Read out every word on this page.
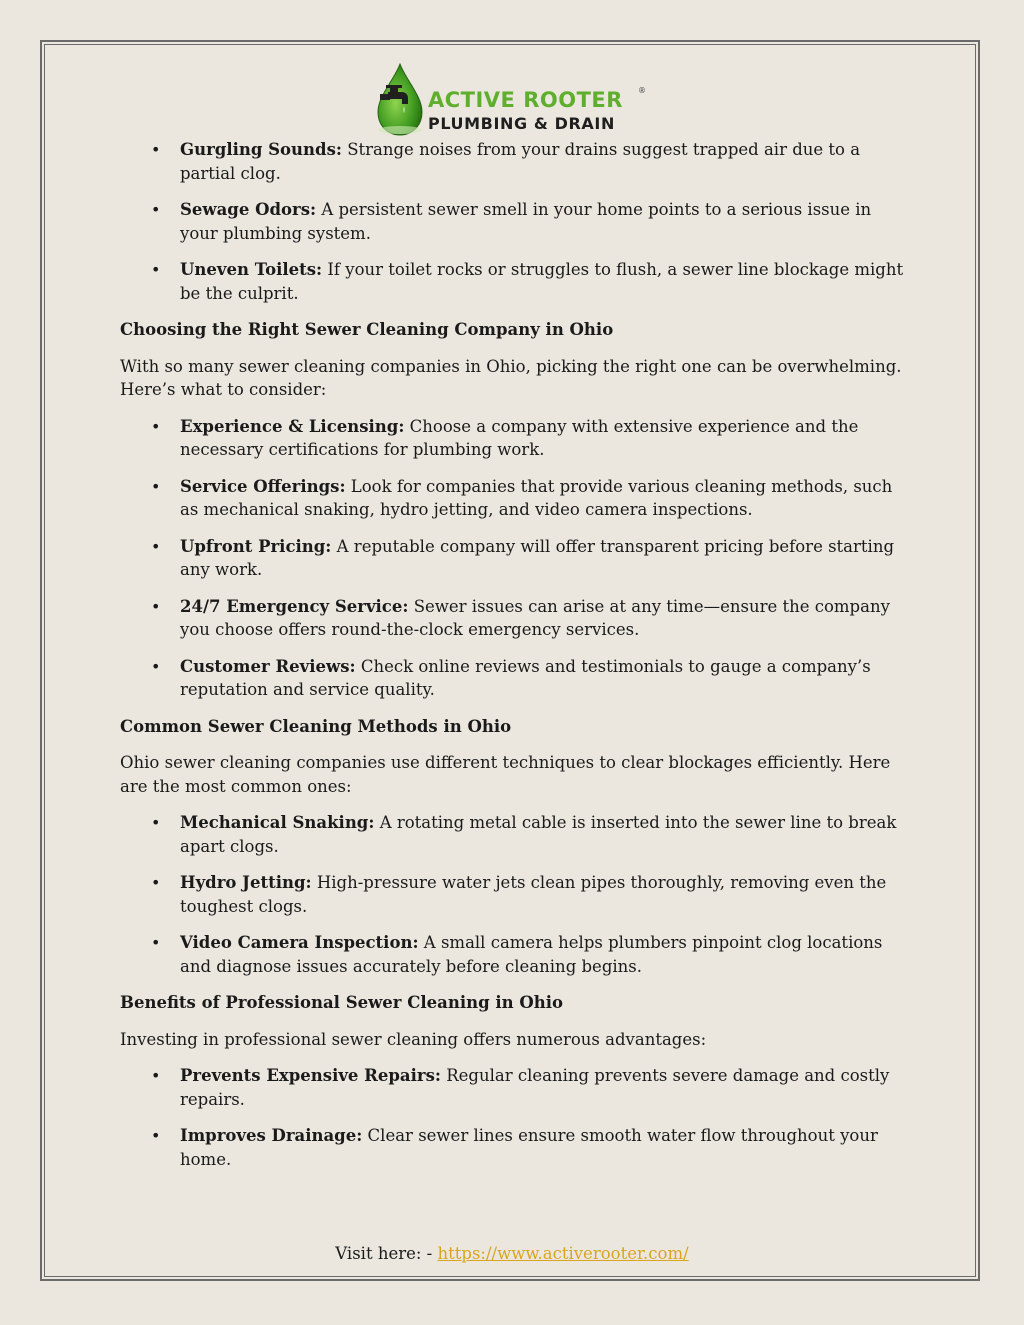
ACTIVE ROOTER ®
PLUMBING & DRAIN
• Gurgling Sounds: Strange noises from your drains suggest trapped air due to a partial clog.
• Sewage Odors: A persistent sewer smell in your home points to a serious issue in your plumbing system.
• Uneven Toilets: If your toilet rocks or struggles to flush, a sewer line blockage might be the culprit.
Choosing the Right Sewer Cleaning Company in Ohio

With so many sewer cleaning companies in Ohio, picking the right one can be overwhelming. Here’s what to consider:

• Experience & Licensing: Choose a company with extensive experience and the necessary certifications for plumbing work.
• Service Offerings: Look for companies that provide various cleaning methods, such as mechanical snaking, hydro jetting, and video camera inspections.
• Upfront Pricing: A reputable company will offer transparent pricing before starting any work.
• 24/7 Emergency Service: Sewer issues can arise at any time—ensure the company you choose offers round-the-clock emergency services.
• Customer Reviews: Check online reviews and testimonials to gauge a company’s reputation and service quality.
Common Sewer Cleaning Methods in Ohio

Ohio sewer cleaning companies use different techniques to clear blockages efficiently. Here are the most common ones:

• Mechanical Snaking: A rotating metal cable is inserted into the sewer line to break apart clogs.
• Hydro Jetting: High-pressure water jets clean pipes thoroughly, removing even the toughest clogs.
• Video Camera Inspection: A small camera helps plumbers pinpoint clog locations and diagnose issues accurately before cleaning begins.
Benefits of Professional Sewer Cleaning in Ohio

Investing in professional sewer cleaning offers numerous advantages:

• Prevents Expensive Repairs: Regular cleaning prevents severe damage and costly repairs.
• Improves Drainage: Clear sewer lines ensure smooth water flow throughout your home.
Visit here: - https://www.activerooter.com/
